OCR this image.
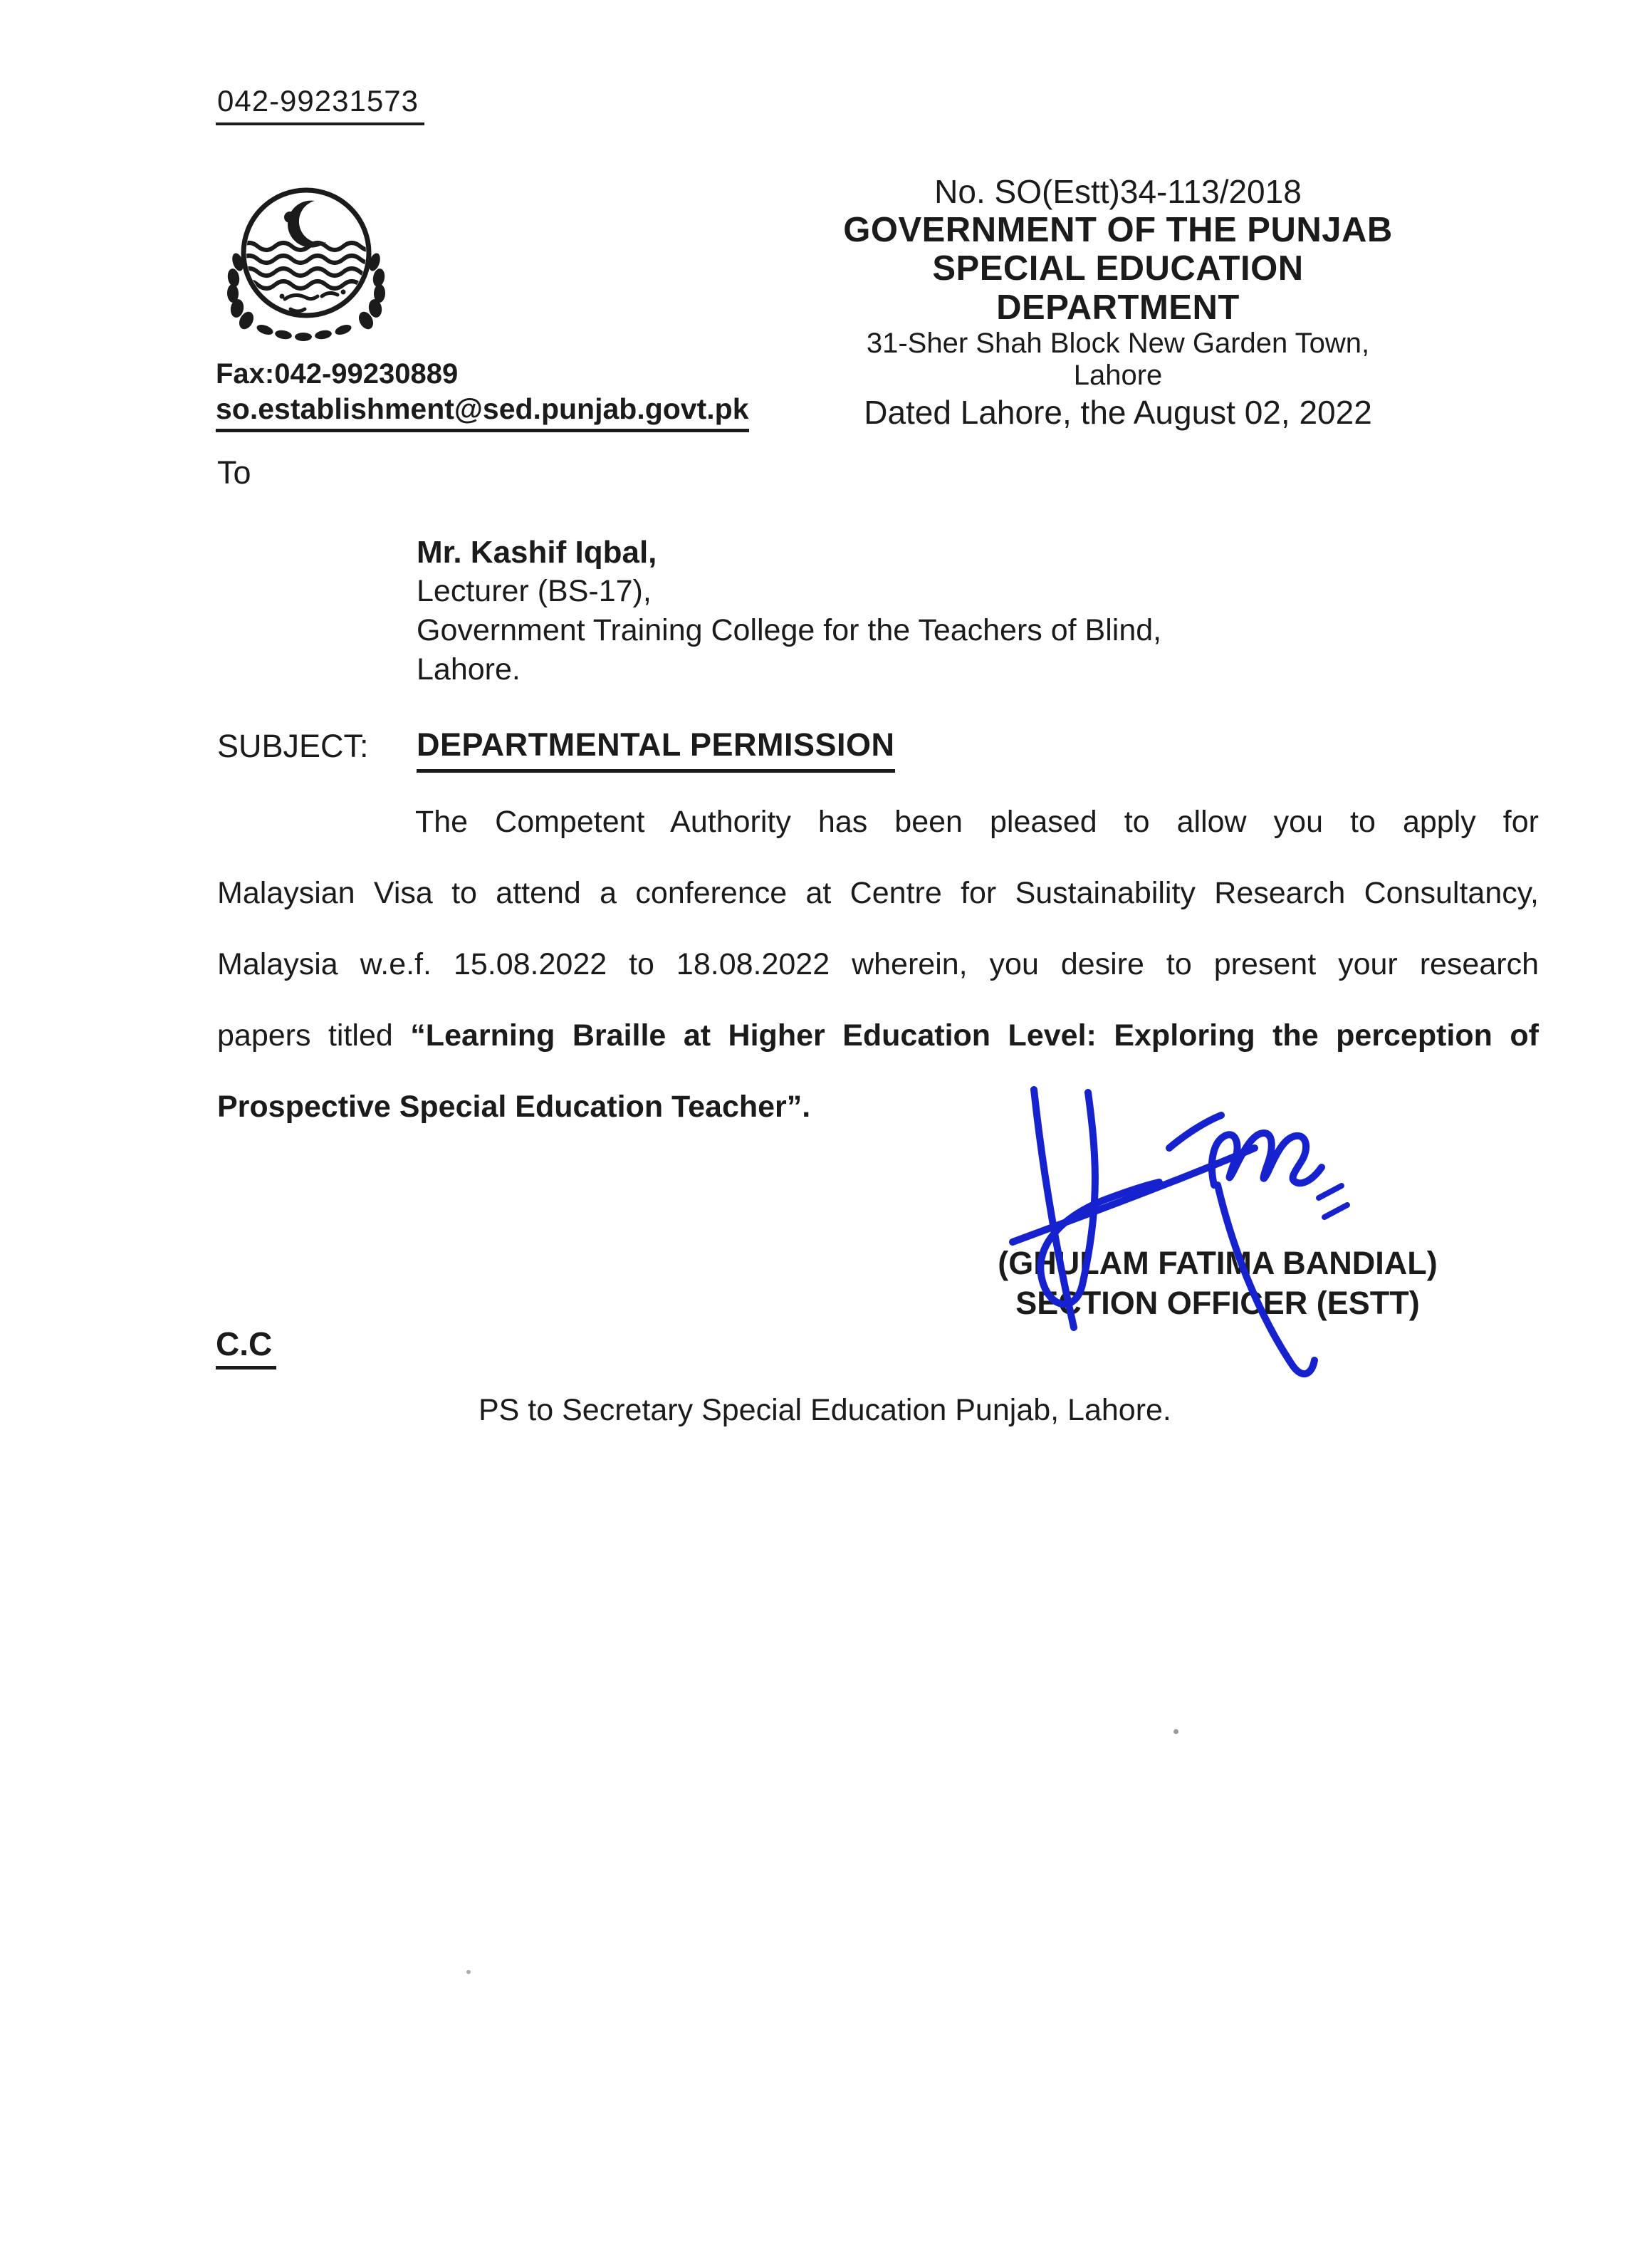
042-99231573
No. SO(Estt)34-113/2018
GOVERNMENT OF THE PUNJAB
SPECIAL EDUCATION DEPARTMENT
31-Sher Shah Block New Garden Town, Lahore
Dated Lahore, the August 02, 2022
Fax:042-99230889
so.establishment@sed.punjab.govt.pk
To
Mr. Kashif Iqbal,
Lecturer (BS-17),
Government Training College for the Teachers of Blind,
Lahore.
SUBJECT: DEPARTMENTAL PERMISSION
The Competent Authority has been pleased to allow you to apply for
Malaysian Visa to attend a conference at Centre for Sustainability Research Consultancy,
Malaysia w.e.f. 15.08.2022 to 18.08.2022 wherein, you desire to present your research
papers titled “Learning Braille at Higher Education Level: Exploring the perception of
Prospective Special Education Teacher”.
(GHULAM FATIMA BANDIAL)
SECTION OFFICER (ESTT)
C.C
PS to Secretary Special Education Punjab, Lahore.
